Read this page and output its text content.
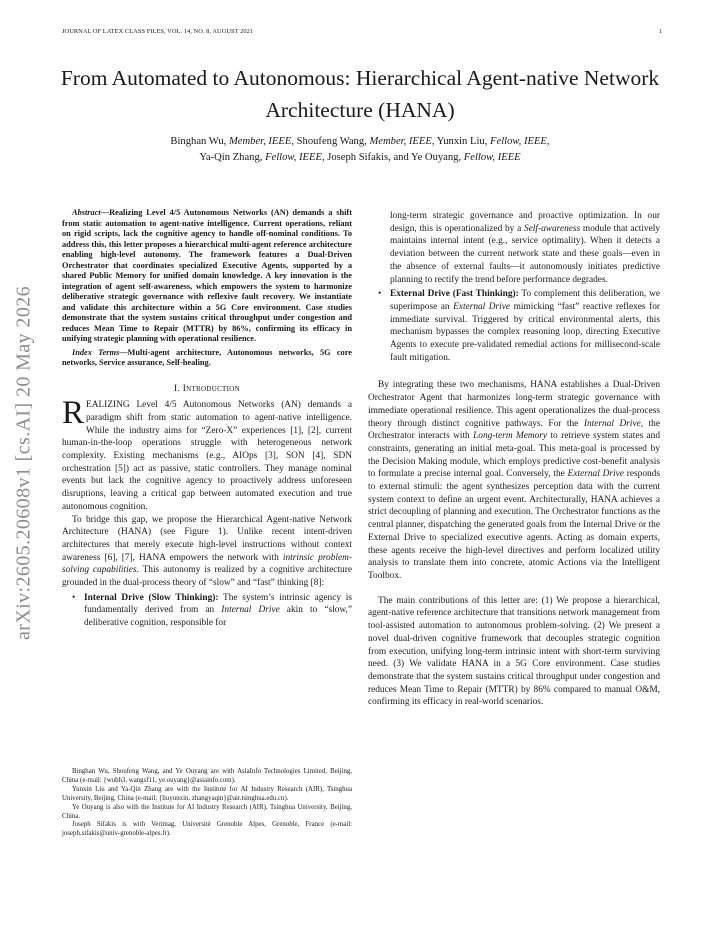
JOURNAL OF LATEX CLASS FILES, VOL. 14, NO. 8, AUGUST 2021	1
arXiv:2605.20608v1 [cs.AI] 20 May 2026
From Automated to Autonomous: Hierarchical Agent-native Network Architecture (HANA)
Binghan Wu, Member, IEEE, Shoufeng Wang, Member, IEEE, Yunxin Liu, Fellow, IEEE,
Ya-Qin Zhang, Fellow, IEEE, Joseph Sifakis, and Ye Ouyang, Fellow, IEEE

Abstract—Realizing Level 4/5 Autonomous Networks (AN) demands a shift from static automation to agent-native intelligence. Current operations, reliant on rigid scripts, lack the cognitive agency to handle off-nominal conditions. To address this, this letter proposes a hierarchical multi-agent reference architecture enabling high-level autonomy. The framework features a Dual-Driven Orchestrator that coordinates specialized Executive Agents, supported by a shared Public Memory for unified domain knowledge. A key innovation is the integration of agent self-awareness, which empowers the system to harmonize deliberative strategic governance with reflexive fault recovery. We instantiate and validate this architecture within a 5G Core environment. Case studies demonstrate that the system sustains critical throughput under congestion and reduces Mean Time to Repair (MTTR) by 86%, confirming its efficacy in unifying strategic planning with operational resilience.

Index Terms—Multi-agent architecture, Autonomous networks, 5G core networks, Service assurance, Self-healing.

I. Introduction

REALIZING Level 4/5 Autonomous Networks (AN) demands a paradigm shift from static automation to agent-native intelligence. While the industry aims for “Zero-X” experiences [1], [2], current human-in-the-loop operations struggle with heterogeneous network complexity. Existing mechanisms (e.g., AIOps [3], SON [4], SDN orchestration [5]) act as passive, static controllers. They manage nominal events but lack the cognitive agency to proactively address unforeseen disruptions, leaving a critical gap between automated execution and true autonomous cognition.

To bridge this gap, we propose the Hierarchical Agent-native Network Architecture (HANA) (see Figure 1). Unlike recent intent-driven architectures that merely execute high-level instructions without context awareness [6], [7], HANA empowers the network with intrinsic problem-solving capabilities. This autonomy is realized by a cognitive architecture grounded in the dual-process theory of “slow” and “fast” thinking [8]:

• Internal Drive (Slow Thinking): The system’s intrinsic agency is fundamentally derived from an Internal Drive akin to “slow,” deliberative cognition, responsible for

Binghan Wu, Shoufeng Wang, and Ye Ouyang are with AsiaInfo Technologies Limited, Beijing, China (e-mail: {wubh3, wangsf11, ye.ouyang}@asiainfo.com).

Yunxin Liu and Ya-Qin Zhang are with the Institute for AI Industry Research (AIR), Tsinghua University, Beijing, China (e-mail: {liuyunxin, zhangyaqin}@air.tsinghua.edu.cn).

Ye Ouyang is also with the Institute for AI Industry Research (AIR), Tsinghua University, Beijing, China.

Joseph Sifakis is with Verimag, Université Grenoble Alpes, Grenoble, France (e-mail: joseph.sifakis@univ-grenoble-alpes.fr).

long-term strategic governance and proactive optimization. In our design, this is operationalized by a Self-awareness module that actively maintains internal intent (e.g., service optimality). When it detects a deviation between the current network state and these goals—even in the absence of external faults—it autonomously initiates predictive planning to rectify the trend before performance degrades.
• External Drive (Fast Thinking): To complement this deliberation, we superimpose an External Drive mimicking “fast” reactive reflexes for immediate survival. Triggered by critical environmental alerts, this mechanism bypasses the complex reasoning loop, directing Executive Agents to execute pre-validated remedial actions for millisecond-scale fault mitigation.

By integrating these two mechanisms, HANA establishes a Dual-Driven Orchestrator Agent that harmonizes long-term strategic governance with immediate operational resilience. This agent operationalizes the dual-process theory through distinct cognitive pathways. For the Internal Drive, the Orchestrator interacts with Long-term Memory to retrieve system states and constraints, generating an initial meta-goal. This meta-goal is processed by the Decision Making module, which employs predictive cost-benefit analysis to formulate a precise internal goal. Conversely, the External Drive responds to external stimuli: the agent synthesizes perception data with the current system context to define an urgent event. Architecturally, HANA achieves a strict decoupling of planning and execution. The Orchestrator functions as the central planner, dispatching the generated goals from the Internal Drive or the External Drive to specialized executive agents. Acting as domain experts, these agents receive the high-level directives and perform localized utility analysis to translate them into concrete, atomic Actions via the Intelligent Toolbox.

The main contributions of this letter are: (1) We propose a hierarchical, agent-native reference architecture that transitions network management from tool-assisted automation to autonomous problem-solving. (2) We present a novel dual-driven cognitive framework that decouples strategic cognition from execution, unifying long-term intrinsic intent with short-term surviving need. (3) We validate HANA in a 5G Core environment. Case studies demonstrate that the system sustains critical throughput under congestion and reduces Mean Time to Repair (MTTR) by 86% compared to manual O&M, confirming its efficacy in real-world scenarios.
